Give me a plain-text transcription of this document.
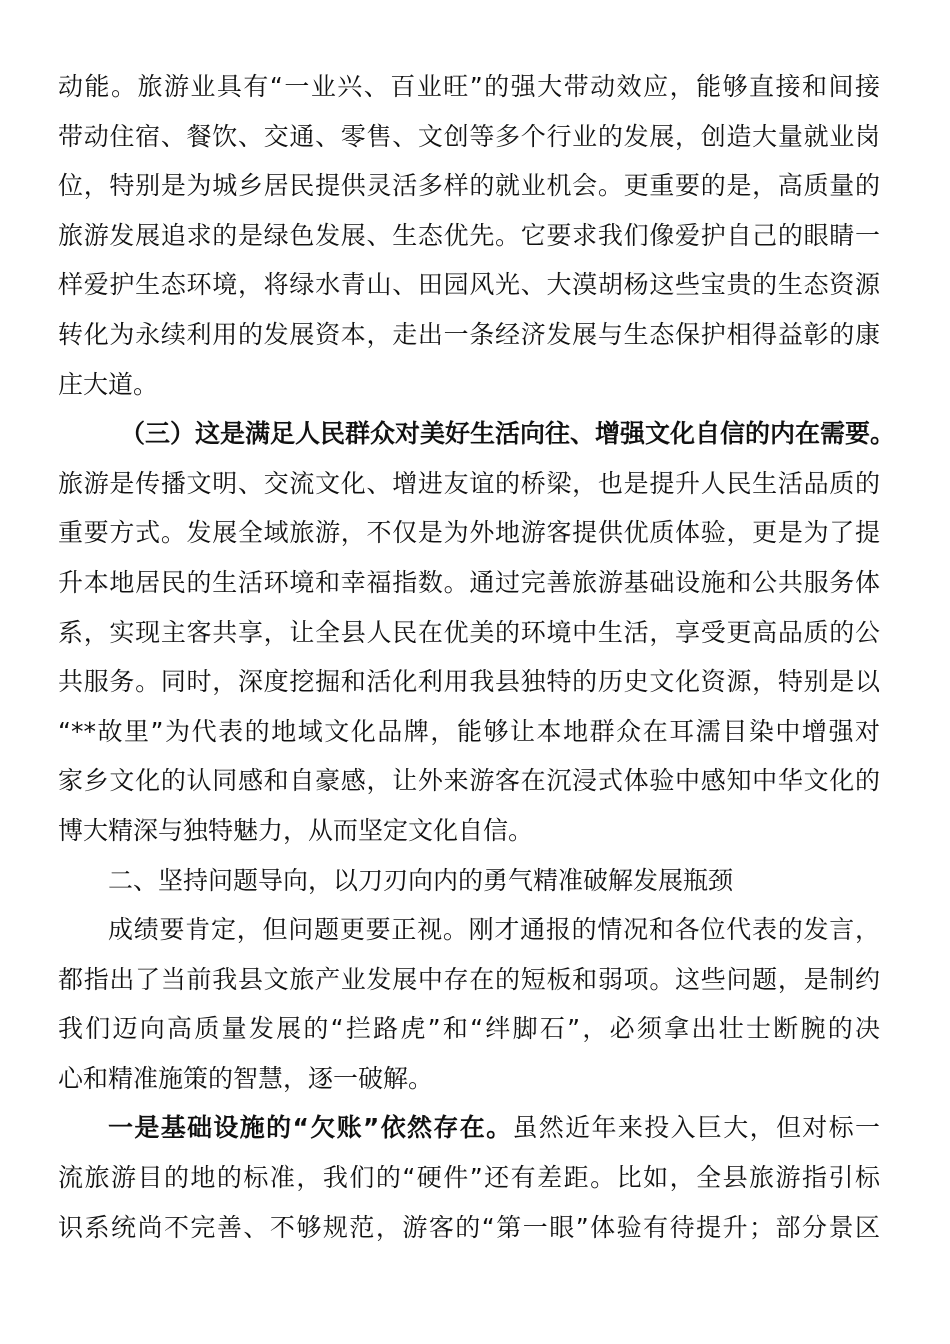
动能。旅游业具有“一业兴、百业旺”的强大带动效应，能够直接和间接
带动住宿、餐饮、交通、零售、文创等多个行业的发展，创造大量就业岗
位，特别是为城乡居民提供灵活多样的就业机会。更重要的是，高质量的
旅游发展追求的是绿色发展、生态优先。它要求我们像爱护自己的眼睛一
样爱护生态环境，将绿水青山、田园风光、大漠胡杨这些宝贵的生态资源
转化为永续利用的发展资本，走出一条经济发展与生态保护相得益彰的康
庄大道。
（三）这是满足人民群众对美好生活向往、增强文化自信的内在需要。
旅游是传播文明、交流文化、增进友谊的桥梁，也是提升人民生活品质的
重要方式。发展全域旅游，不仅是为外地游客提供优质体验，更是为了提
升本地居民的生活环境和幸福指数。通过完善旅游基础设施和公共服务体
系，实现主客共享，让全县人民在优美的环境中生活，享受更高品质的公
共服务。同时，深度挖掘和活化利用我县独特的历史文化资源，特别是以
“**故里”为代表的地域文化品牌，能够让本地群众在耳濡目染中增强对
家乡文化的认同感和自豪感，让外来游客在沉浸式体验中感知中华文化的
博大精深与独特魅力，从而坚定文化自信。
二、坚持问题导向，以刀刃向内的勇气精准破解发展瓶颈
成绩要肯定，但问题更要正视。刚才通报的情况和各位代表的发言，
都指出了当前我县文旅产业发展中存在的短板和弱项。这些问题，是制约
我们迈向高质量发展的“拦路虎”和“绊脚石”，必须拿出壮士断腕的决
心和精准施策的智慧，逐一破解。
一是基础设施的“欠账”依然存在。虽然近年来投入巨大，但对标一
流旅游目的地的标准，我们的“硬件”还有差距。比如，全县旅游指引标
识系统尚不完善、不够规范，游客的“第一眼”体验有待提升；部分景区
